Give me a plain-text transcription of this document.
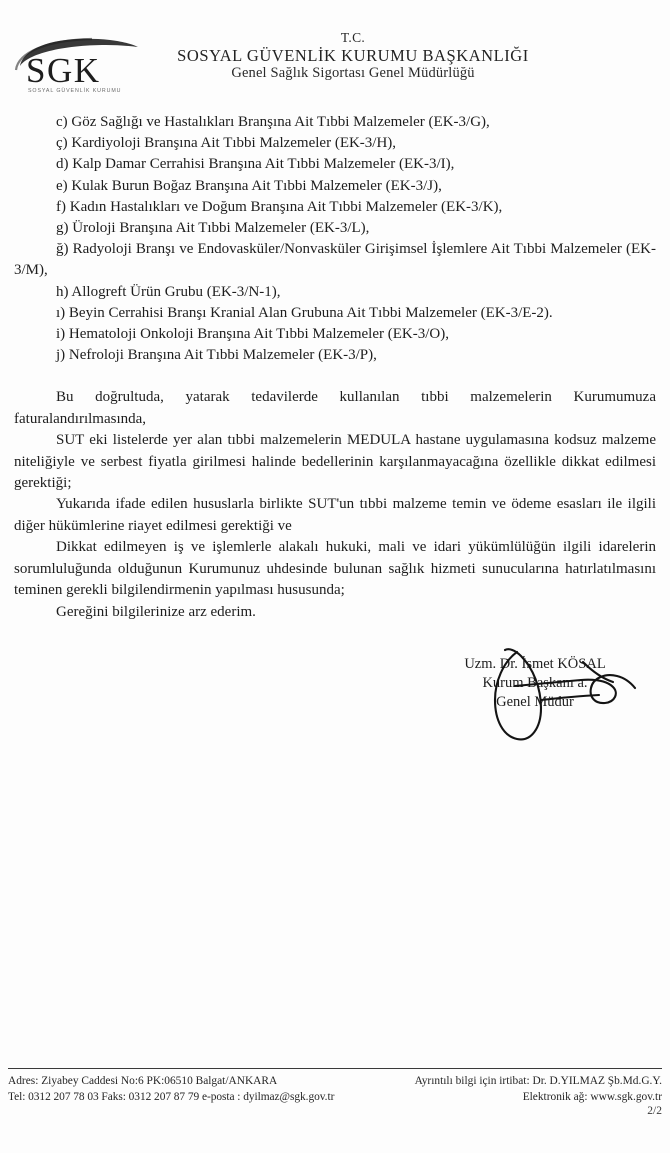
SGK
SOSYAL GÜVENLİK KURUMU
T.C.
SOSYAL GÜVENLİK KURUMU BAŞKANLIĞI
Genel Sağlık Sigortası Genel Müdürlüğü
c) Göz Sağlığı ve Hastalıkları Branşına Ait Tıbbi Malzemeler (EK-3/G),
ç) Kardiyoloji Branşına Ait Tıbbi Malzemeler (EK-3/H),
d) Kalp Damar Cerrahisi Branşına Ait Tıbbi Malzemeler (EK-3/I),
e) Kulak Burun Boğaz Branşına Ait Tıbbi Malzemeler (EK-3/J),
f) Kadın Hastalıkları ve Doğum Branşına Ait Tıbbi Malzemeler (EK-3/K),
g) Üroloji Branşına Ait Tıbbi Malzemeler (EK-3/L),
ğ) Radyoloji Branşı ve Endovasküler/Nonvasküler Girişimsel İşlemlere Ait Tıbbi Malzemeler (EK-3/M),
h) Allogreft Ürün Grubu (EK-3/N-1),
ı) Beyin Cerrahisi Branşı Kranial Alan Grubuna Ait Tıbbi Malzemeler (EK-3/E-2).
i) Hematoloji Onkoloji Branşına Ait Tıbbi Malzemeler (EK-3/O),
j) Nefroloji Branşına Ait Tıbbi Malzemeler (EK-3/P),

Bu doğrultuda, yatarak tedavilerde kullanılan tıbbi malzemelerin Kurumumuza faturalandırılmasında,

SUT eki listelerde yer alan tıbbi malzemelerin MEDULA hastane uygulamasına kodsuz malzeme niteliğiyle ve serbest fiyatla girilmesi halinde bedellerinin karşılanmayacağına özellikle dikkat edilmesi gerektiği;

Yukarıda ifade edilen hususlarla birlikte SUT'un tıbbi malzeme temin ve ödeme esasları ile ilgili diğer hükümlerine riayet edilmesi gerektiği ve

Dikkat edilmeyen iş ve işlemlerle alakalı hukuki, mali ve idari yükümlülüğün ilgili idarelerin sorumluluğunda olduğunun Kurumunuz uhdesinde bulunan sağlık hizmeti sunucularına hatırlatılmasını teminen gerekli bilgilendirmenin yapılması hususunda;

Gereğini bilgilerinize arz ederim.

Uzm. Dr. İsmet KÖSAL
Kurum Başkanı a.
Genel Müdür
Adres: Ziyabey Caddesi No:6 PK:06510 Balgat/ANKARA	Ayrıntılı bilgi için irtibat: Dr. D.YILMAZ Şb.Md.G.Y.
Tel: 0312 207 78 03 Faks: 0312 207 87 79 e-posta : dyilmaz@sgk.gov.tr	Elektronik ağ: www.sgk.gov.tr
2/2
